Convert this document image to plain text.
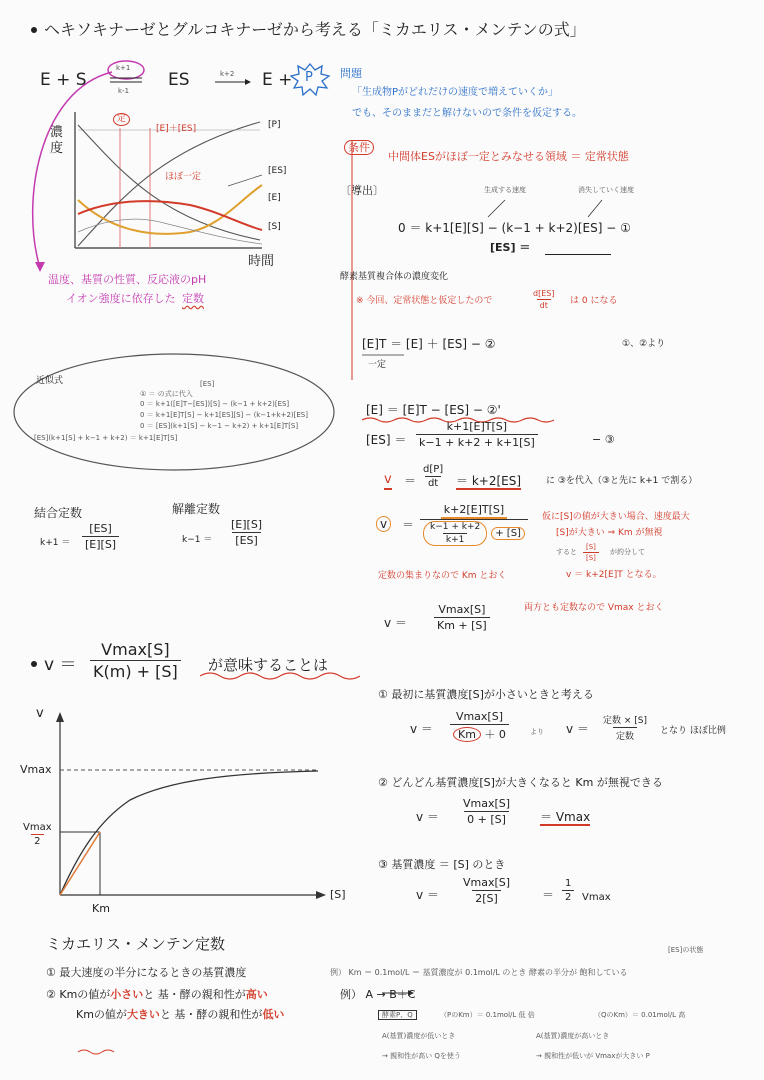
ヘキソキナーゼとグルコキナーゼから考える「ミカエリス・メンテンの式」
E + S
k+1
k-1
ES	k+2 E + P 問題
「生成物Pがどれだけの速度で増えていくか」
でも、そのままだと解けないので条件を仮定する。
条件
中間体ESがほぼ一定とみなせる領域 ＝ 定常状態
濃度
時間
定
[E]＋[ES]
ほぼ一定
[P]
[ES]
[E]
[S]
温度、基質の性質、反応液のpH
イオン強度に依存した 定数
近似式	[ES]
① ＝ の式に代入
0 ＝ k+1([E]T−[ES])[S] − (k−1 + k+2)[ES]
0 ＝ k+1[E]T[S] − k+1[ES][S] − (k−1+k+2)[ES]
0 ＝ [ES](k+1[S] − k−1 − k+2) + k+1[E]T[S]
[ES](k+1[S] + k−1 + k+2) ＝ k+1[E]T[S]
結合定数
$k+1 = \frac{[ES]}{[E][S]}$
解離定数
$k-1 = \frac{[E][S]}{[ES]}$
〔導出〕	生成する速度	消失していく速度
0 ＝ k+1[E][S] − (k−1 + k+2)[ES] − ①
[ES] ＝
酵素基質複合体の濃度変化
※ 今回、定常状態と仮定したので	$\frac{d[ES]}{dt}$ は 0 になる
[E]T ＝ [E] ＋ [ES] − ②	①、②より
一定
[E] ＝ [E]T − [ES] − ②'
$[ES] = \frac{k+1[E]T[S]}{k-1 + k+2 + k+1[S]}$	− ③
$v = \frac{d[P]}{dt} = k+2[ES]$	に ③を代入（③と先に k+1 で割る）
v	＝ $\frac{k+2[E]T[S]}{\frac{k-1 + k+2}{k+1} + [S]}$ 仮に[S]の値が大きい場合、速度最大
[S]が大きい ⇒ Km が無視
すると $\frac{[S]}{[S]}$ が約分して
v ＝ k+2[E]T となる。
定数の集まりなので Km とおく
v ＝
Vmax[S]
Km + [S]
両方とも定数なので Vmax とおく
v ＝
Vmax[S]
K(m) + [S] が意味することは
v
Vmax
Vmax
2
Km
[S]
① 最初に基質濃度[S]が小さいときと考える
v ＝
Vmax[S]
Km ＋ 0	より v ＝
定数 × [S]
定数
となり ほぼ比例
② どんどん基質濃度[S]が大きくなると Km が無視できる
v ＝
Vmax[S]
0 + [S]	＝ Vmax
③ 基質濃度 ＝ [S] のとき
v ＝
Vmax[S]
2[S]	＝ $\frac{1}{2}$ Vmax
ミカエリス・メンテン定数	[ES]の状態
① 最大速度の半分になるときの基質濃度	例） Km ＝ 0.1mol/L ＝ 基質濃度が 0.1mol/L のとき 酵素の半分が 飽和している
② Kmの値が小さいと 基・酵の親和性が高い	例） A → B＋C
Kmの値が大きいと 基・酵の親和性が低い	酵素P、Q	（PのKm）＝ 0.1mol/L 低 倍	（QのKm）＝ 0.01mol/L 高
A(基質)濃度が低いとき
→ 親和性が高い Qを使う
A(基質)濃度が高いとき
→ 親和性が低いが Vmaxが大きい P
